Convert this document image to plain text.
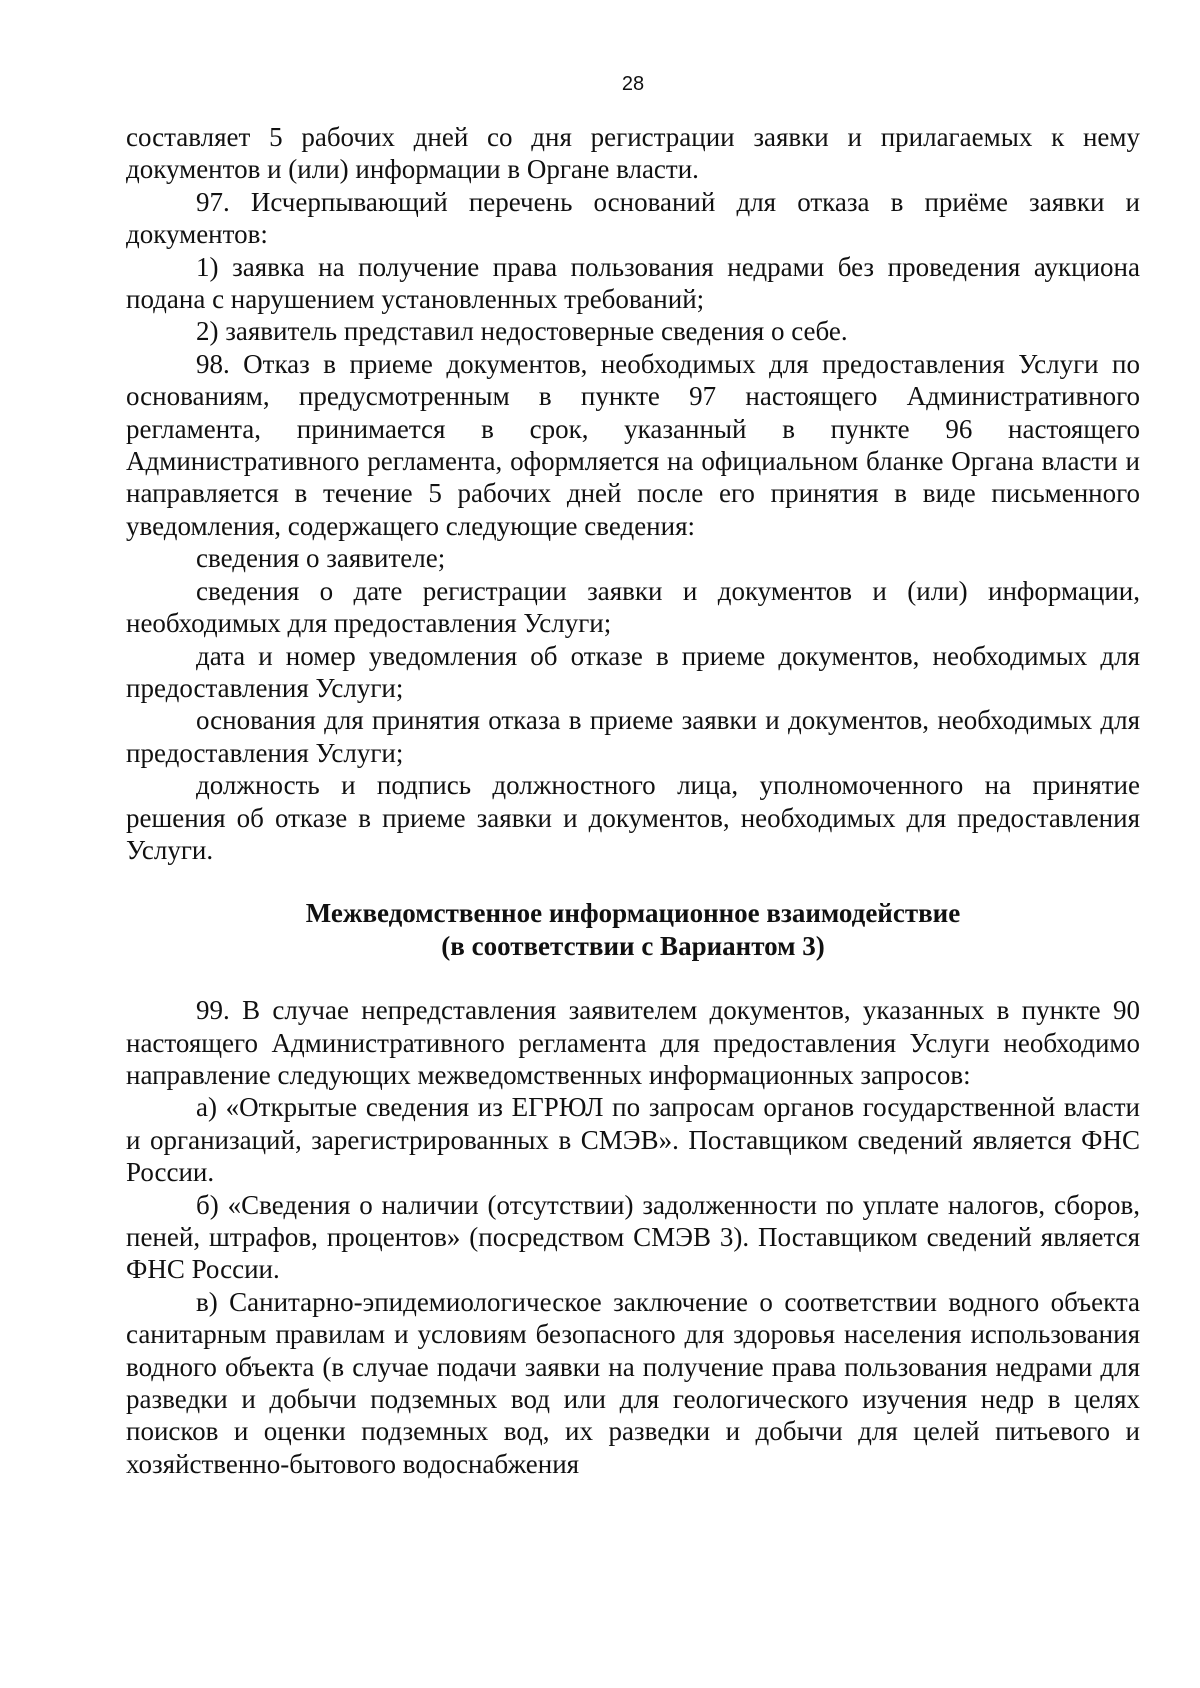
28

составляет 5 рабочих дней со дня регистрации заявки и прилагаемых к нему документов и (или) информации в Органе власти.

97. Исчерпывающий перечень оснований для отказа в приёме заявки и документов:

1) заявка на получение права пользования недрами без проведения аукциона подана с нарушением установленных требований;

2) заявитель представил недостоверные сведения о себе.

98. Отказ в приеме документов, необходимых для предоставления Услуги по основаниям, предусмотренным в пункте 97 настоящего Административного регламента, принимается в срок, указанный в пункте 96 настоящего Административного регламента, оформляется на официальном бланке Органа власти и направляется в течение 5 рабочих дней после его принятия в виде письменного уведомления, содержащего следующие сведения:

сведения о заявителе;

сведения о дате регистрации заявки и документов и (или) информации, необходимых для предоставления Услуги;

дата и номер уведомления об отказе в приеме документов, необходимых для предоставления Услуги;

основания для принятия отказа в приеме заявки и документов, необходимых для предоставления Услуги;

должность и подпись должностного лица, уполномоченного на принятие решения об отказе в приеме заявки и документов, необходимых для предоставления Услуги.

Межведомственное информационное взаимодействие
(в соответствии с Вариантом 3)

99. В случае непредставления заявителем документов, указанных в пункте 90 настоящего Административного регламента для предоставления Услуги необходимо направление следующих межведомственных информационных запросов:

а) «Открытые сведения из ЕГРЮЛ по запросам органов государственной власти и организаций, зарегистрированных в СМЭВ». Поставщиком сведений является ФНС России.

б) «Сведения о наличии (отсутствии) задолженности по уплате налогов, сборов, пеней, штрафов, процентов» (посредством СМЭВ 3). Поставщиком сведений является ФНС России.

в) Санитарно-эпидемиологическое заключение о соответствии водного объекта санитарным правилам и условиям безопасного для здоровья населения использования водного объекта (в случае подачи заявки на получение права пользования недрами для разведки и добычи подземных вод или для геологического изучения недр в целях поисков и оценки подземных вод, их разведки и добычи для целей питьевого и хозяйственно-бытового водоснабжения
